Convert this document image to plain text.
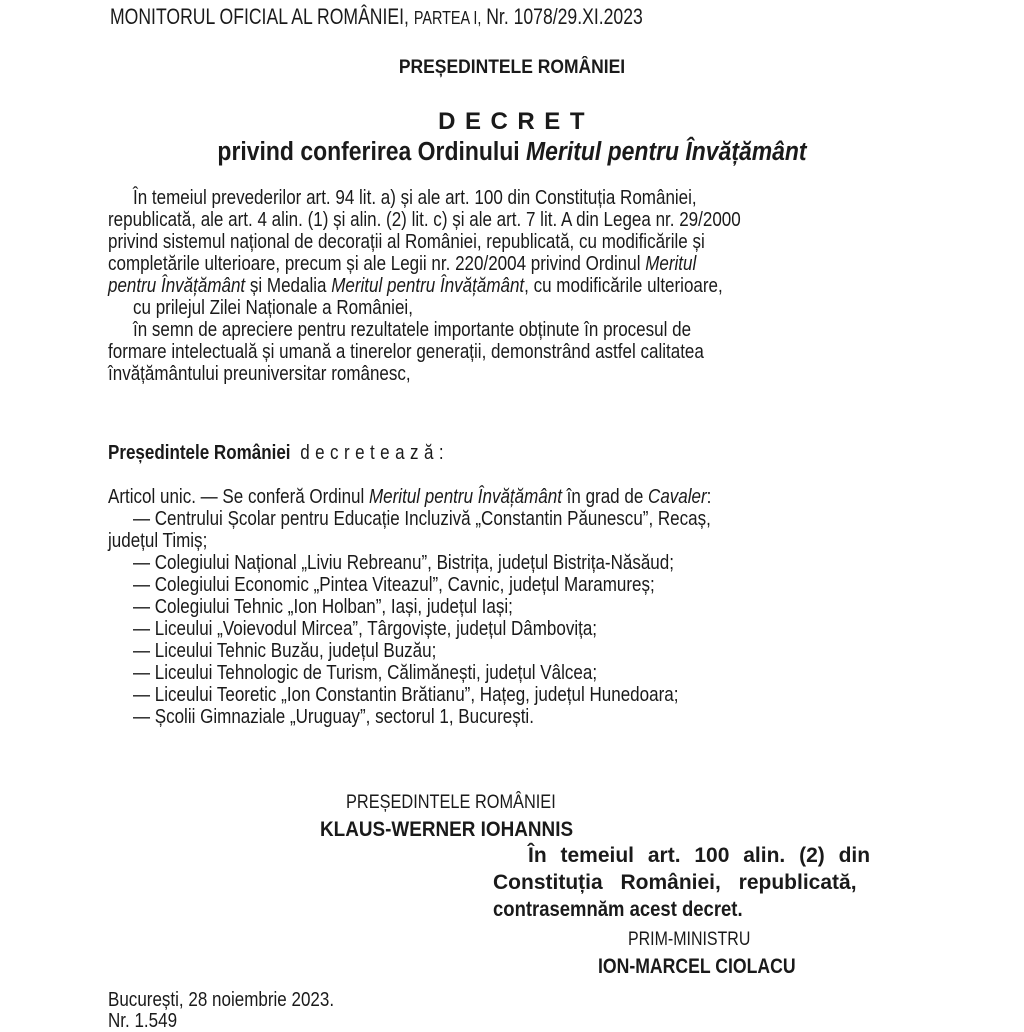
MONITORUL OFICIAL AL ROMÂNIEI, PARTEA I, Nr. 1078/29.XI.2023
PREȘEDINTELE ROMÂNIEI
D E C R E T
privind conferirea Ordinului Meritul pentru Învățământ
În temeiul prevederilor art. 94 lit. a) și ale art. 100 din Constituția României,
republicată, ale art. 4 alin. (1) și alin. (2) lit. c) și ale art. 7 lit. A din Legea nr. 29/2000
privind sistemul național de decorații al României, republicată, cu modificările și
completările ulterioare, precum și ale Legii nr. 220/2004 privind Ordinul Meritul
pentru Învățământ și Medalia Meritul pentru Învățământ, cu modificările ulterioare,
cu prilejul Zilei Naționale a României,
în semn de apreciere pentru rezultatele importante obținute în procesul de
formare intelectuală și umană a tinerelor generații, demonstrând astfel calitatea
învățământului preuniversitar românesc,
Președintele României decretează:
Articol unic. — Se conferă Ordinul Meritul pentru Învățământ în grad de Cavaler:
— Centrului Școlar pentru Educație Incluzivă „Constantin Păunescu”, Recaș,
județul Timiș;
— Colegiului Național „Liviu Rebreanu”, Bistrița, județul Bistrița-Năsăud;
— Colegiului Economic „Pintea Viteazul”, Cavnic, județul Maramureș;
— Colegiului Tehnic „Ion Holban”, Iași, județul Iași;
— Liceului „Voievodul Mircea”, Târgoviște, județul Dâmbovița;
— Liceului Tehnic Buzău, județul Buzău;
— Liceului Tehnologic de Turism, Călimănești, județul Vâlcea;
— Liceului Teoretic „Ion Constantin Brătianu”, Hațeg, județul Hunedoara;
— Școlii Gimnaziale „Uruguay”, sectorul 1, București.
PREȘEDINTELE ROMÂNIEI
KLAUS-WERNER IOHANNIS
În temeiul art. 100 alin. (2) din
Constituția României, republicată,
contrasemnăm acest decret.
PRIM-MINISTRU
ION-MARCEL CIOLACU
București, 28 noiembrie 2023.
Nr. 1.549
